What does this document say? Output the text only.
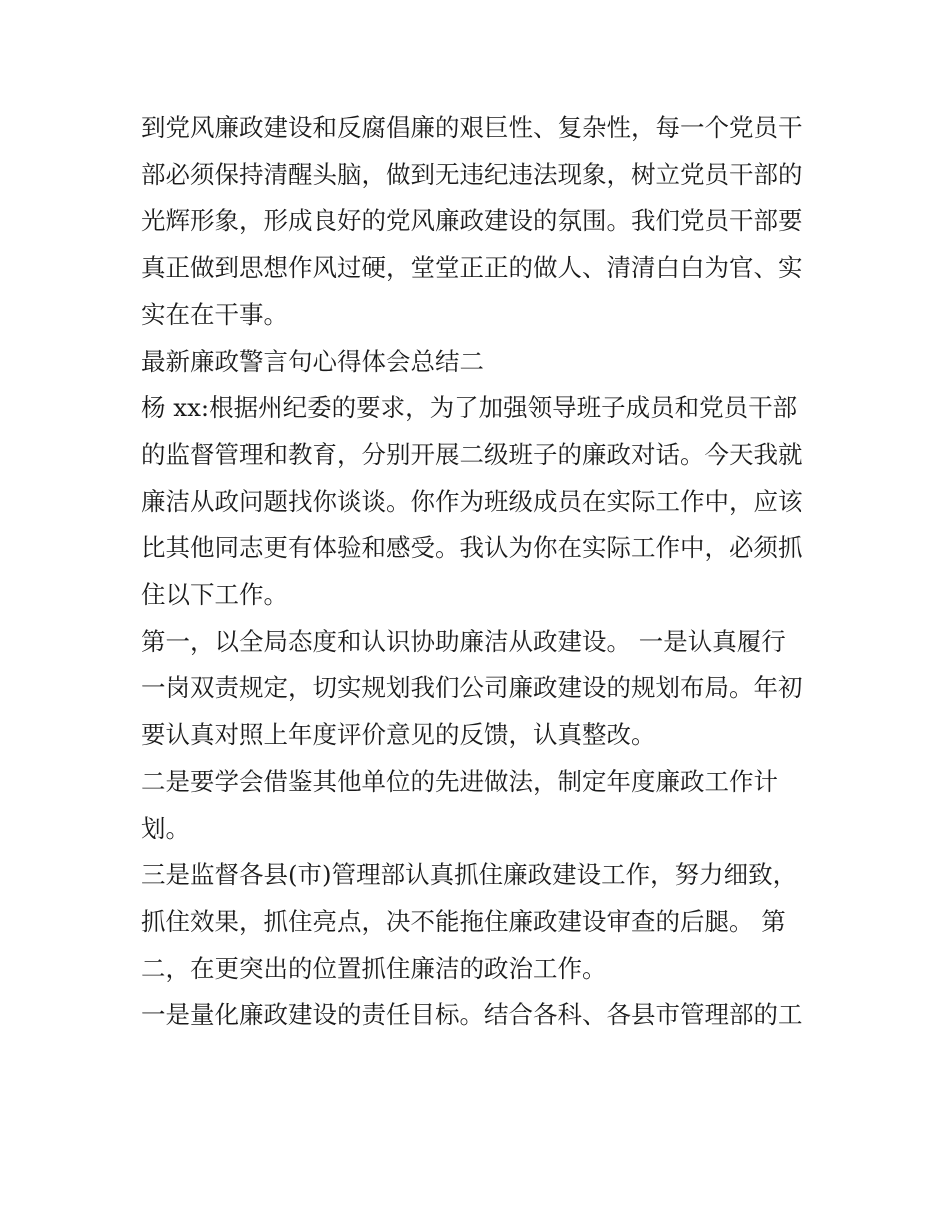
到党风廉政建设和反腐倡廉的艰巨性、复杂性，每一个党员干

部必须保持清醒头脑，做到无违纪违法现象，树立党员干部的

光辉形象，形成良好的党风廉政建设的氛围。我们党员干部要

真正做到思想作风过硬，堂堂正正的做人、清清白白为官、实

实在在干事。

最新廉政警言句心得体会总结二

杨 xx:根据州纪委的要求，为了加强领导班子成员和党员干部

的监督管理和教育，分别开展二级班子的廉政对话。今天我就

廉洁从政问题找你谈谈。你作为班级成员在实际工作中，应该

比其他同志更有体验和感受。我认为你在实际工作中，必须抓

住以下工作。

第一，以全局态度和认识协助廉洁从政建设。 一是认真履行

一岗双责规定，切实规划我们公司廉政建设的规划布局。年初

要认真对照上年度评价意见的反馈，认真整改。

二是要学会借鉴其他单位的先进做法，制定年度廉政工作计

划。

三是监督各县(市)管理部认真抓住廉政建设工作，努力细致，

抓住效果，抓住亮点，决不能拖住廉政建设审查的后腿。 第

二，在更突出的位置抓住廉洁的政治工作。

一是量化廉政建设的责任目标。结合各科、各县市管理部的工
